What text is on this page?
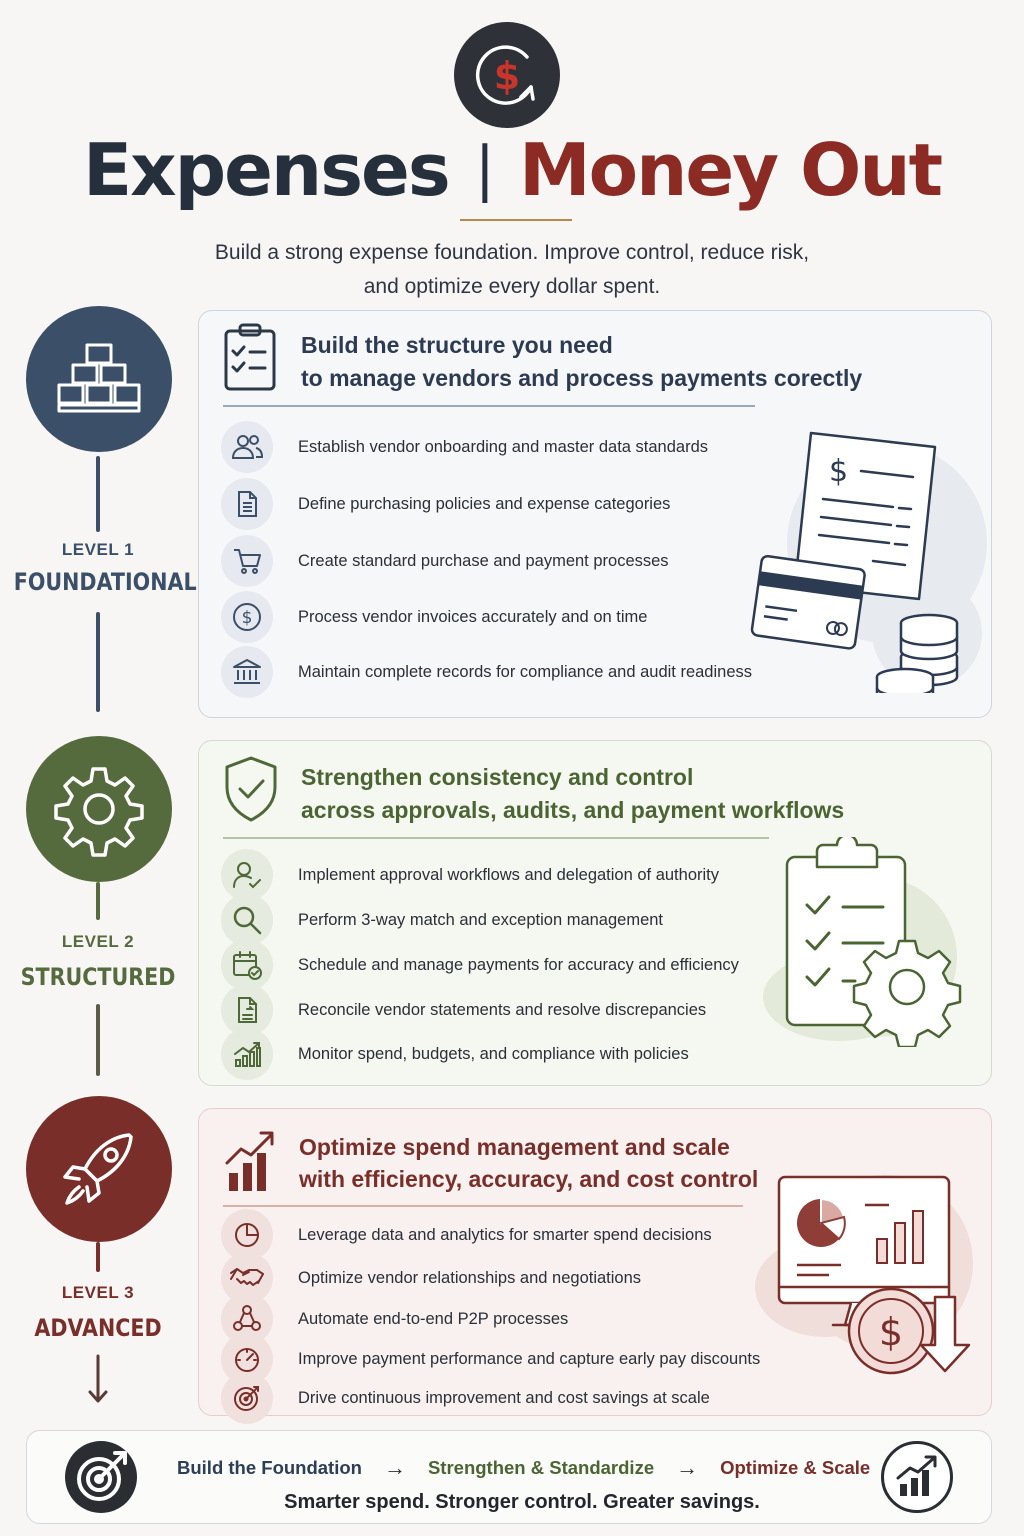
$
Expenses | Money Out
Build a strong expense foundation. Improve control, reduce risk,
and optimize every dollar spent.
LEVEL 1
FOUNDATIONAL
LEVEL 2
STRUCTURED
LEVEL 3
ADVANCED
Build the structure you need
to manage vendors and process payments corectly
Establish vendor onboarding and master data standards
Define purchasing policies and expense categories
Create standard purchase and payment processes
$	Process vendor invoices accurately and on time
Maintain complete records for compliance and audit readiness
$
Strengthen consistency and control
across approvals, audits, and payment workflows
Implement approval workflows and delegation of authority
Perform 3-way match and exception management
Schedule and manage payments for accuracy and efficiency
Reconcile vendor statements and resolve discrepancies
Monitor spend, budgets, and compliance with policies
Optimize spend management and scale
with efficiency, accuracy, and cost control
Leverage data and analytics for smarter spend decisions
Optimize vendor relationships and negotiations
Automate end-to-end P2P processes
Improve payment performance and capture early pay discounts
Drive continuous improvement and cost savings at scale
$
Build the Foundation → Strengthen & Standardize → Optimize & Scale
Smarter spend. Stronger control. Greater savings.
